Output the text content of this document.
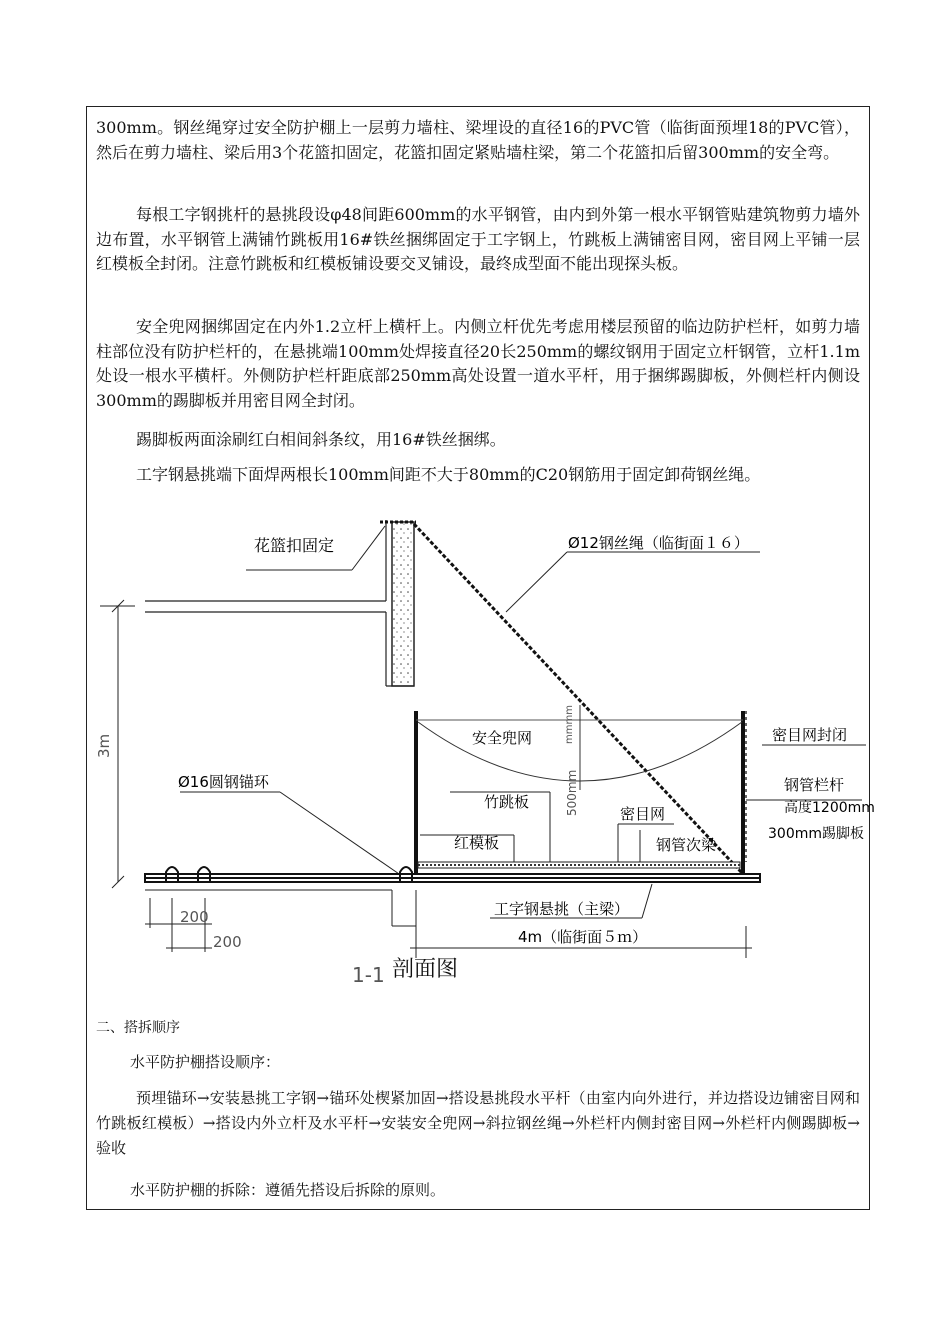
300mm。钢丝绳穿过安全防护棚上一层剪力墙柱、梁埋设的直径16的PVC管（临街面预埋18的PVC管），然后在剪力墙柱、梁后用3个花篮扣固定，花篮扣固定紧贴墙柱梁，第二个花篮扣后留300mm的安全弯。

每根工字钢挑杆的悬挑段设φ48间距600mm的水平钢管，由内到外第一根水平钢管贴建筑物剪力墙外边布置，水平钢管上满铺竹跳板用16#铁丝捆绑固定于工字钢上，竹跳板上满铺密目网，密目网上平铺一层红模板全封闭。注意竹跳板和红模板铺设要交叉铺设，最终成型面不能出现探头板。

安全兜网捆绑固定在内外1.2立杆上横杆上。内侧立杆优先考虑用楼层预留的临边防护栏杆，如剪力墙柱部位没有防护栏杆的，在悬挑端100mm处焊接直径20长250mm的螺纹钢用于固定立杆钢管，立杆1.1m处设一根水平横杆。外侧防护栏杆距底部250mm高处设置一道水平杆，用于捆绑踢脚板，外侧栏杆内侧设300mm的踢脚板并用密目网全封闭。

踢脚板两面涂刷红白相间斜条纹，用16#铁丝捆绑。

工字钢悬挑端下面焊两根长100mm间距不大于80mm的C20钢筋用于固定卸荷钢丝绳。

花篮扣固定	Ø12钢丝绳（临街面１６）
3m
500mm
mmmm
安全兜网	密目网封闭
钢管栏杆
高度1200mm
300mm踢脚板
竹跳板
密目网
红模板	钢管次梁
Ø16圆钢锚环
200
200
工字钢悬挑（主梁）
4m（临街面５ｍ）
1-1 剖面图

二、搭拆顺序

水平防护棚搭设顺序：

预埋锚环→安装悬挑工字钢→锚环处楔紧加固→搭设悬挑段水平杆（由室内向外进行，并边搭设边铺密目网和竹跳板红模板）→搭设内外立杆及水平杆→安装安全兜网→斜拉钢丝绳→外栏杆内侧封密目网→外栏杆内侧踢脚板→验收

水平防护棚的拆除：遵循先搭设后拆除的原则。
